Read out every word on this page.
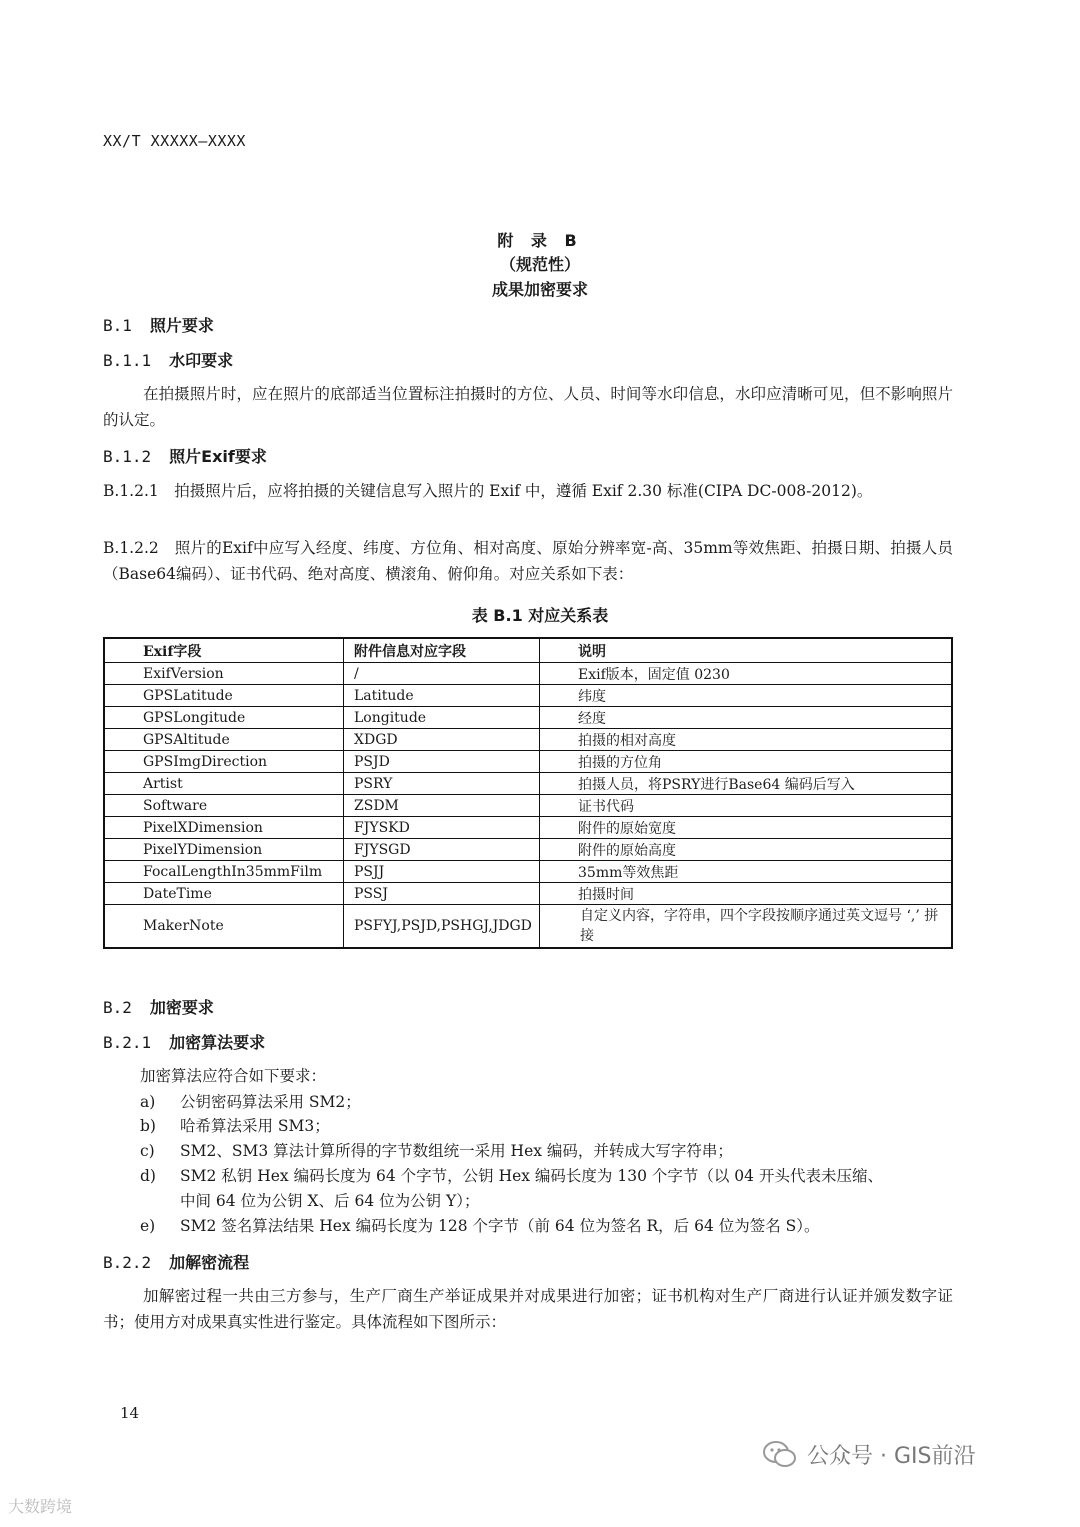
XX/T XXXXX—XXXX
附 录 B
（规范性）
成果加密要求
B.1 照片要求
B.1.1 水印要求
在拍摄照片时，应在照片的底部适当位置标注拍摄时的方位、人员、时间等水印信息，水印应清晰可见，但不影响照片的认定。
B.1.2 照片Exif要求
B.1.2.1　拍摄照片后，应将拍摄的关键信息写入照片的 Exif 中，遵循 Exif 2.30 标准(CIPA DC-008-2012)。
B.1.2.2　照片的Exif中应写入经度、纬度、方位角、相对高度、原始分辨率宽-高、35mm等效焦距、拍摄日期、拍摄人员（Base64编码）、证书代码、绝对高度、横滚角、俯仰角。对应关系如下表：
表 B.1 对应关系表
Exif字段	附件信息对应字段	说明
ExifVersion	/	Exif版本，固定值 0230
GPSLatitude	Latitude	纬度
GPSLongitude	Longitude	经度
GPSAltitude	XDGD	拍摄的相对高度
GPSImgDirection	PSJD	拍摄的方位角
Artist	PSRY	拍摄人员，将PSRY进行Base64 编码后写入
Software	ZSDM	证书代码
PixelXDimension	FJYSKD	附件的原始宽度
PixelYDimension	FJYSGD	附件的原始高度
FocalLengthIn35mmFilm	PSJJ	35mm等效焦距
DateTime	PSSJ	拍摄时间
MakerNote	PSFYJ,PSJD,PSHGJ,JDGD	自定义内容，字符串，四个字段按顺序通过英文逗号 ‘,’ 拼接
B.2 加密要求
B.2.1 加密算法要求
加密算法应符合如下要求：
a) 公钥密码算法采用 SM2；
b) 哈希算法采用 SM3；
c) SM2、SM3 算法计算所得的字节数组统一采用 Hex 编码，并转成大写字符串；
d) SM2 私钥 Hex 编码长度为 64 个字节，公钥 Hex 编码长度为 130 个字节（以 04 开头代表未压缩、
中间 64 位为公钥 X、后 64 位为公钥 Y）；
e) SM2 签名算法结果 Hex 编码长度为 128 个字节（前 64 位为签名 R，后 64 位为签名 S）。
B.2.2 加解密流程
加解密过程一共由三方参与，生产厂商生产举证成果并对成果进行加密；证书机构对生产厂商进行认证并颁发数字证书；使用方对成果真实性进行鉴定。具体流程如下图所示：
14
公众号 · GIS前沿
大数跨境
